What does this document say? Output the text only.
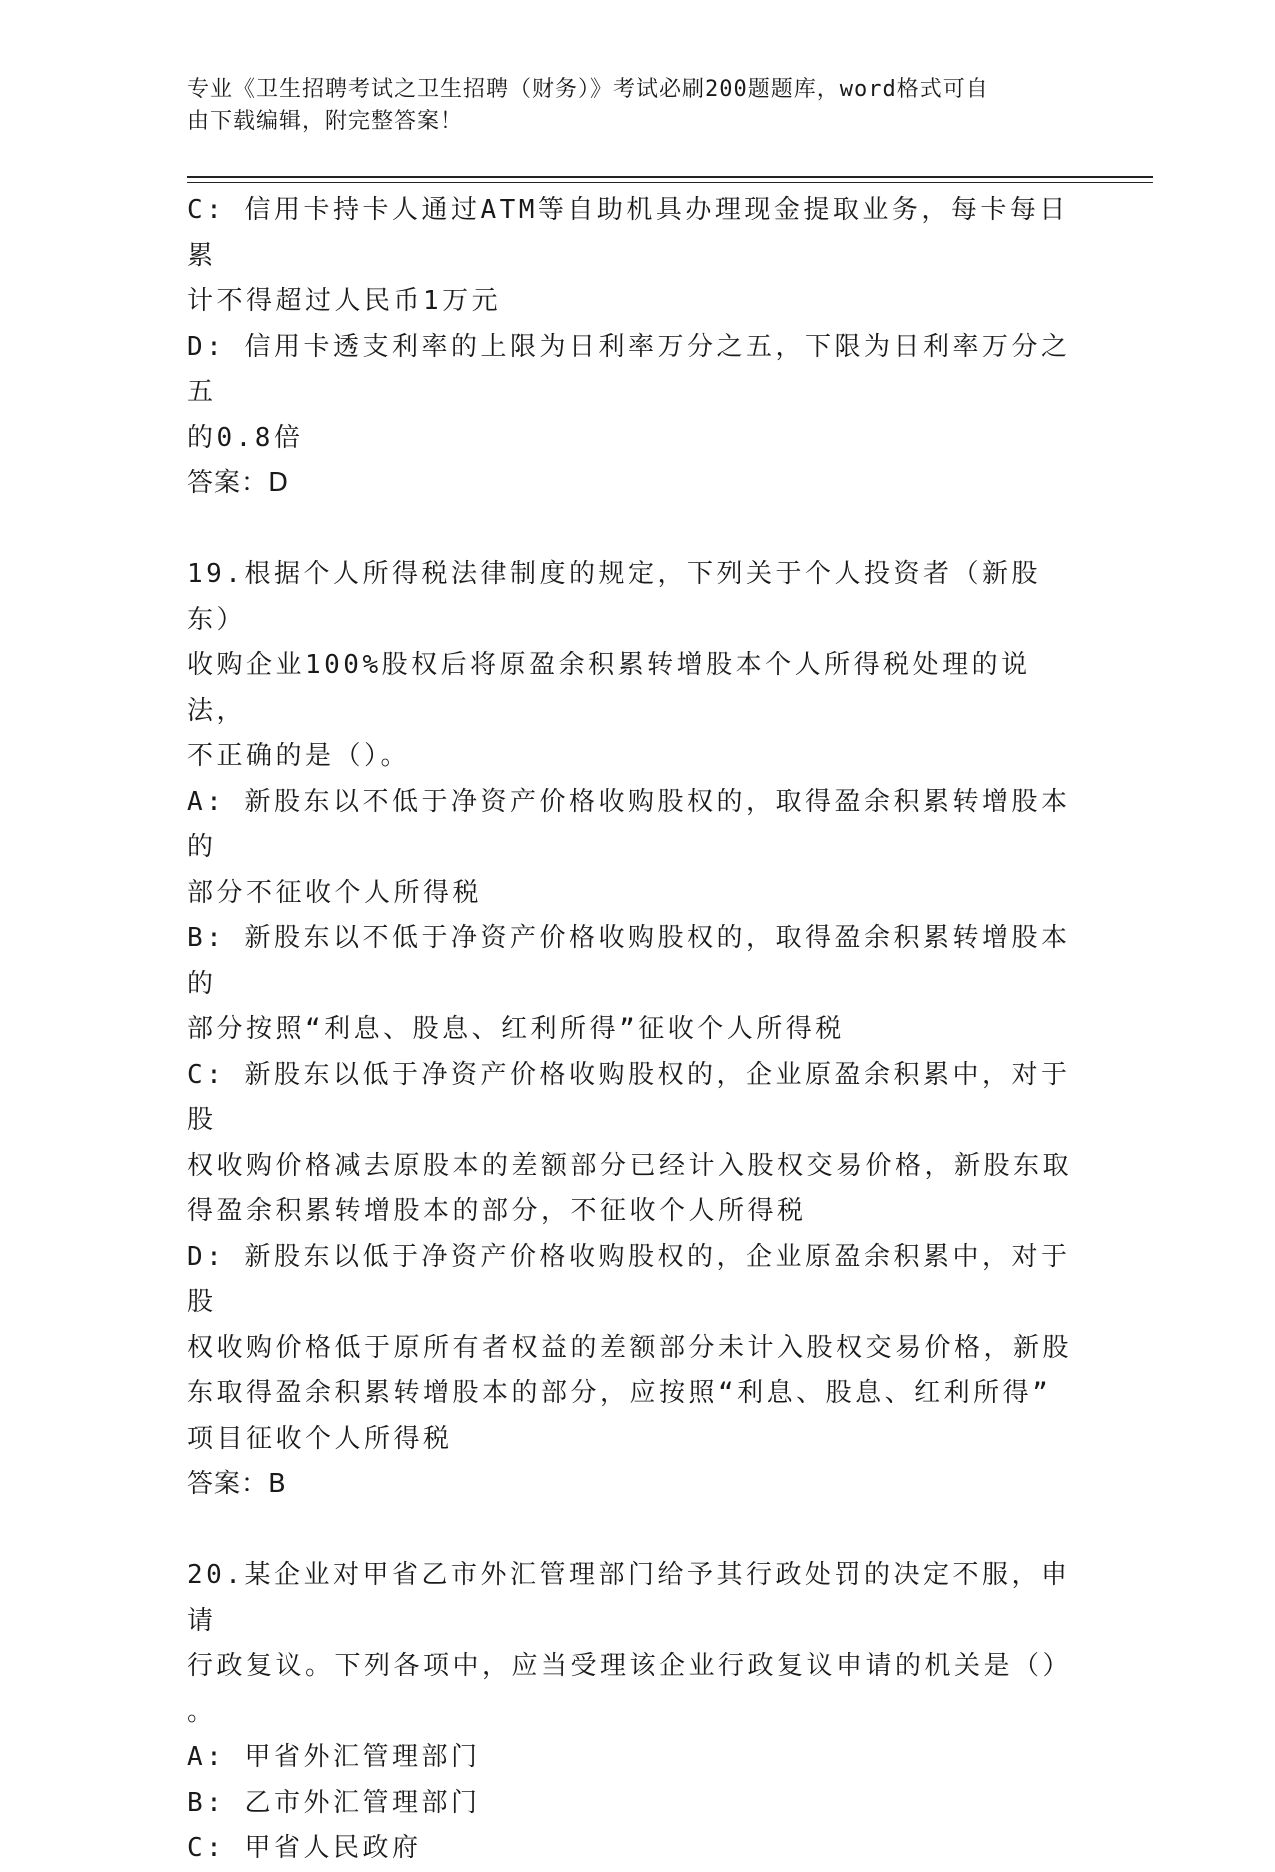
专业《卫生招聘考试之卫生招聘（财务）》考试必刷200题题库，word格式可自
由下载编辑，附完整答案！

C: 信用卡持卡人通过ATM等自助机具办理现金提取业务，每卡每日累

计不得超过人民币1万元

D: 信用卡透支利率的上限为日利率万分之五，下限为日利率万分之五

的0.8倍

答案：D

19.根据个人所得税法律制度的规定，下列关于个人投资者（新股东）

收购企业100%股权后将原盈余积累转增股本个人所得税处理的说法，

不正确的是（）。

A: 新股东以不低于净资产价格收购股权的，取得盈余积累转增股本的

部分不征收个人所得税

B: 新股东以不低于净资产价格收购股权的，取得盈余积累转增股本的

部分按照“利息、股息、红利所得”征收个人所得税

C: 新股东以低于净资产价格收购股权的，企业原盈余积累中，对于股

权收购价格减去原股本的差额部分已经计入股权交易价格，新股东取

得盈余积累转增股本的部分，不征收个人所得税

D: 新股东以低于净资产价格收购股权的，企业原盈余积累中，对于股

权收购价格低于原所有者权益的差额部分未计入股权交易价格，新股

东取得盈余积累转增股本的部分，应按照“利息、股息、红利所得”

项目征收个人所得税

答案：B

20.某企业对甲省乙市外汇管理部门给予其行政处罚的决定不服，申请

行政复议。下列各项中，应当受理该企业行政复议申请的机关是（）

。

A: 甲省外汇管理部门

B: 乙市外汇管理部门

C: 甲省人民政府
